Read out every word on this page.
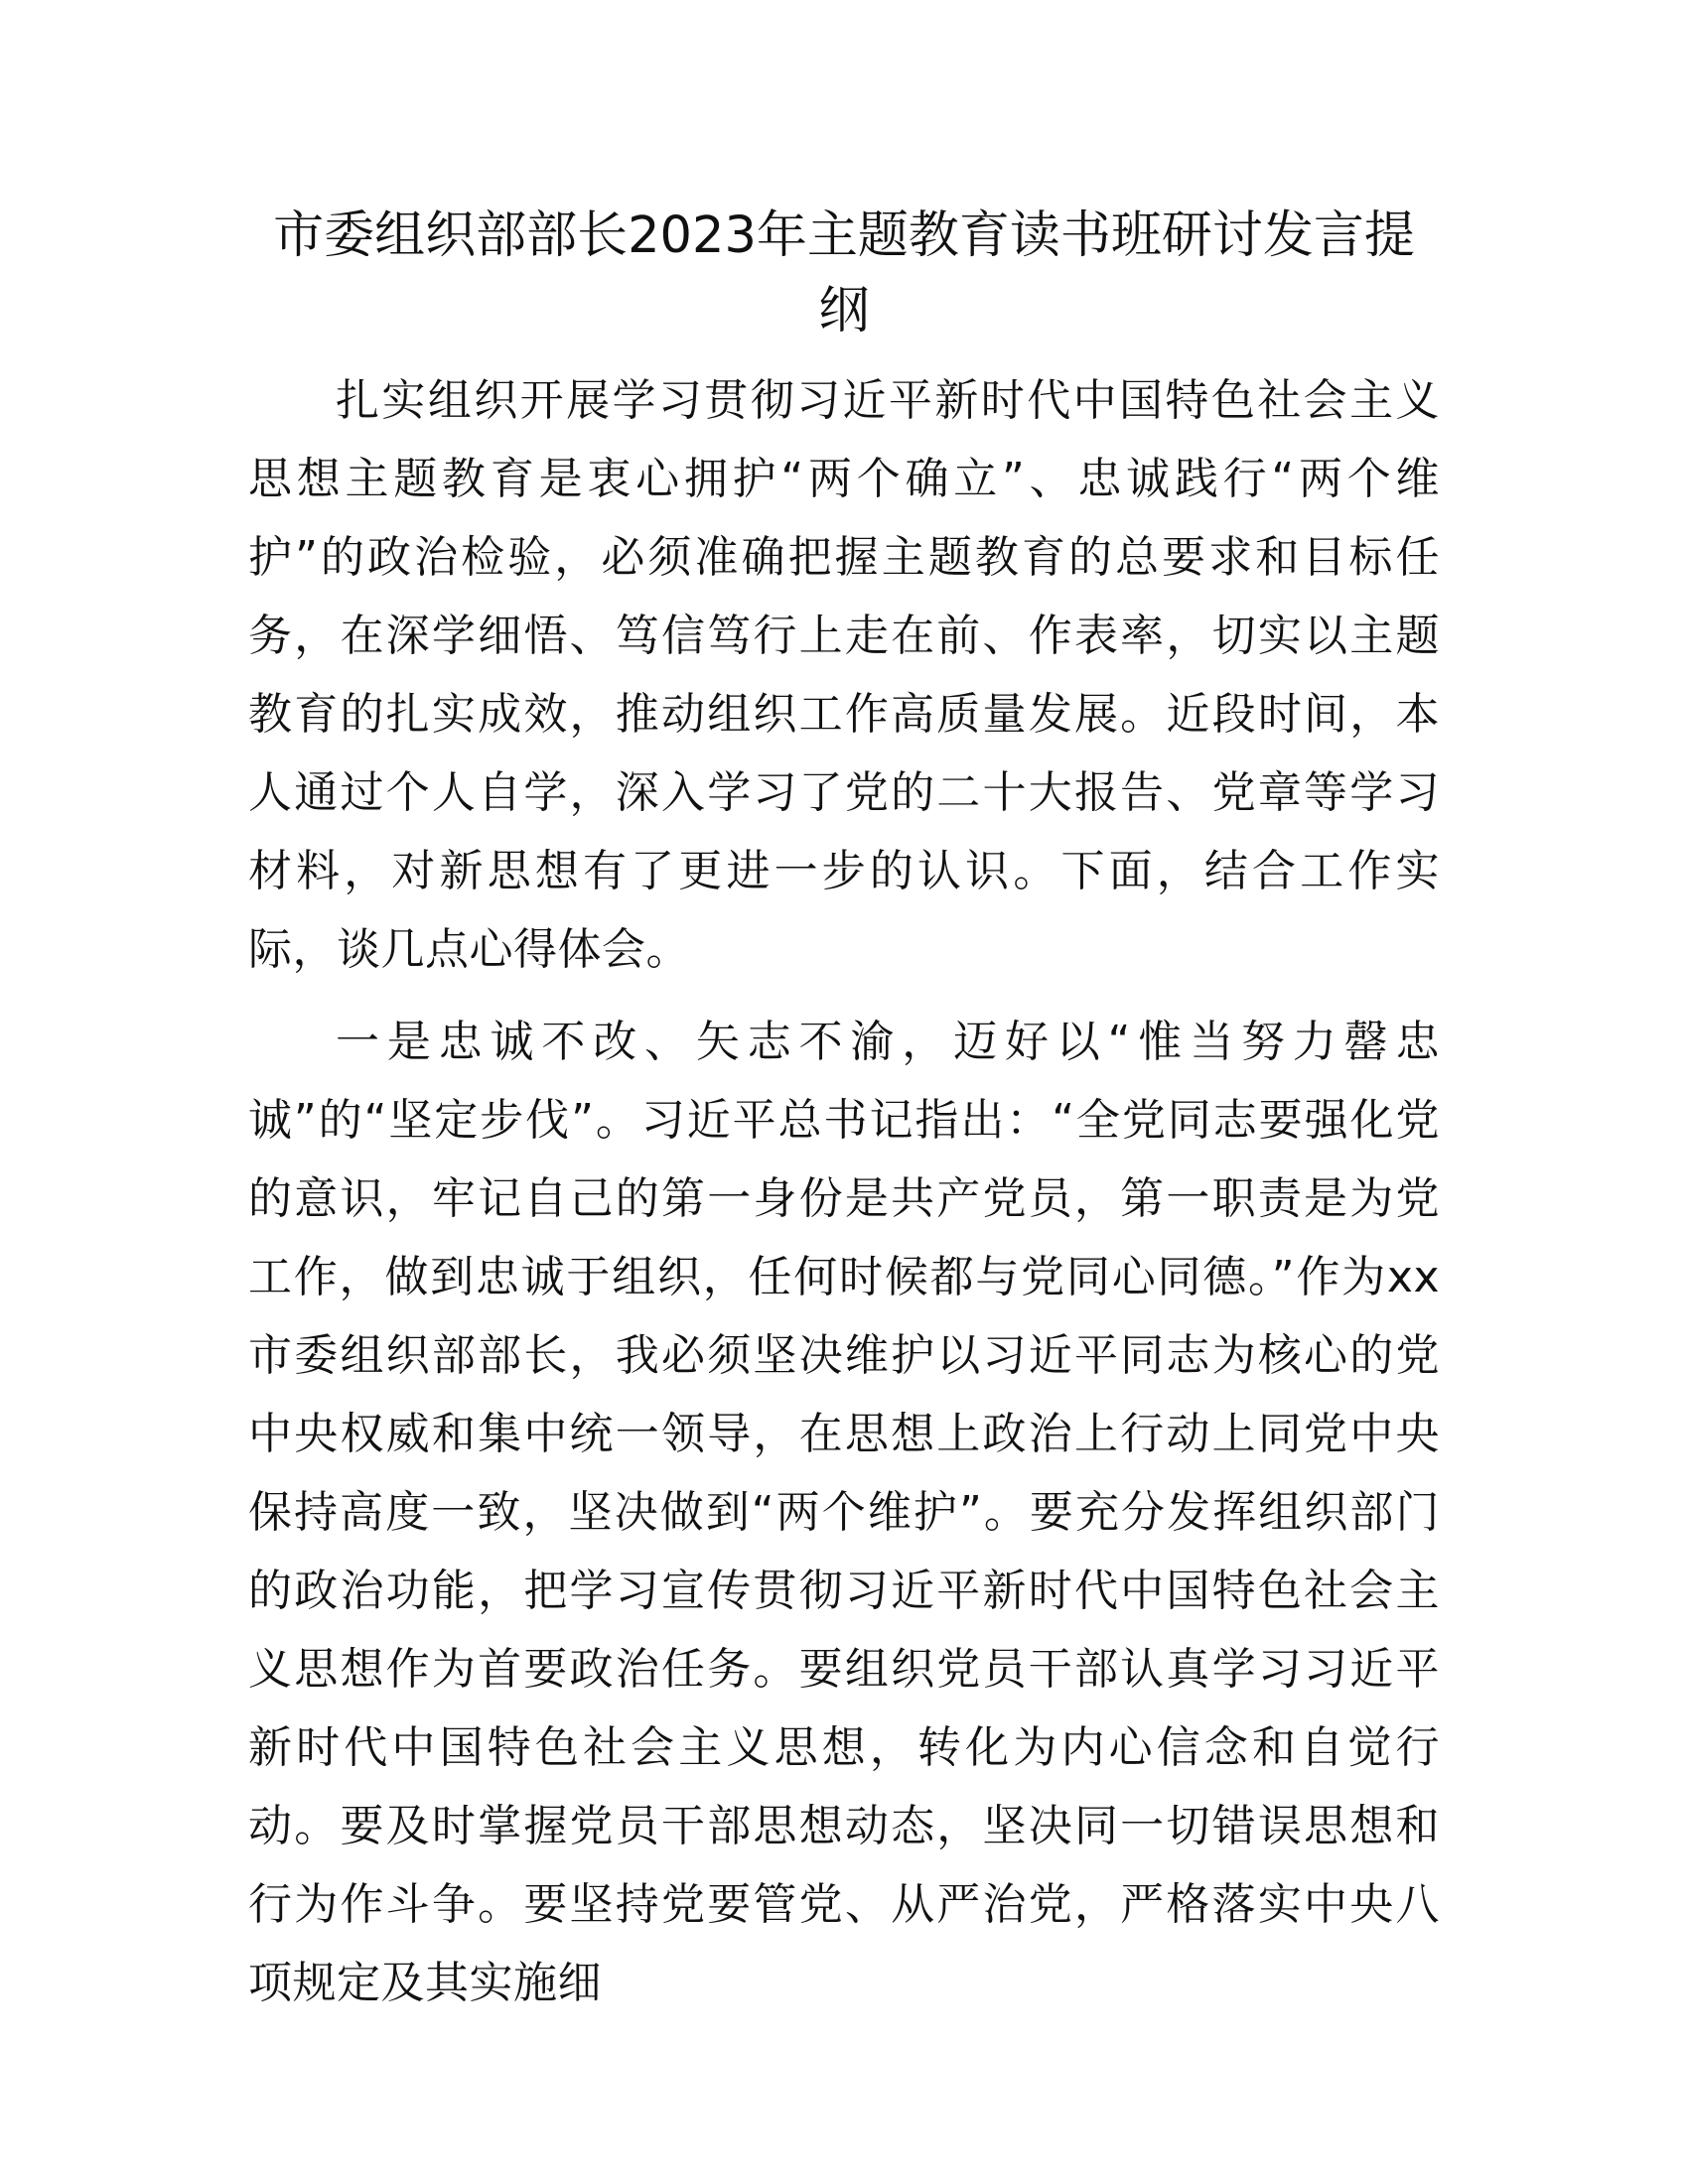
市委组织部部长2023年主题教育读书班研讨发言提纲

扎实组织开展学习贯彻习近平新时代中国特色社会主义思想主题教育是衷心拥护“两个确立”、忠诚践行“两个维护”的政治检验，必须准确把握主题教育的总要求和目标任务，在深学细悟、笃信笃行上走在前、作表率，切实以主题教育的扎实成效，推动组织工作高质量发展。近段时间，本人通过个人自学，深入学习了党的二十大报告、党章等学习材料，对新思想有了更进一步的认识。下面，结合工作实际，谈几点心得体会。

一是忠诚不改、矢志不渝，迈好以“惟当努力罄忠诚”的“坚定步伐”。习近平总书记指出：“全党同志要强化党的意识，牢记自己的第一身份是共产党员，第一职责是为党工作，做到忠诚于组织，任何时候都与党同心同德。”作为xx市委组织部部长，我必须坚决维护以习近平同志为核心的党中央权威和集中统一领导，在思想上政治上行动上同党中央保持高度一致，坚决做到“两个维护”。要充分发挥组织部门的政治功能，把学习宣传贯彻习近平新时代中国特色社会主义思想作为首要政治任务。要组织党员干部认真学习习近平新时代中国特色社会主义思想，转化为内心信念和自觉行动。要及时掌握党员干部思想动态，坚决同一切错误思想和行为作斗争。要坚持党要管党、从严治党，严格落实中央八项规定及其实施细
